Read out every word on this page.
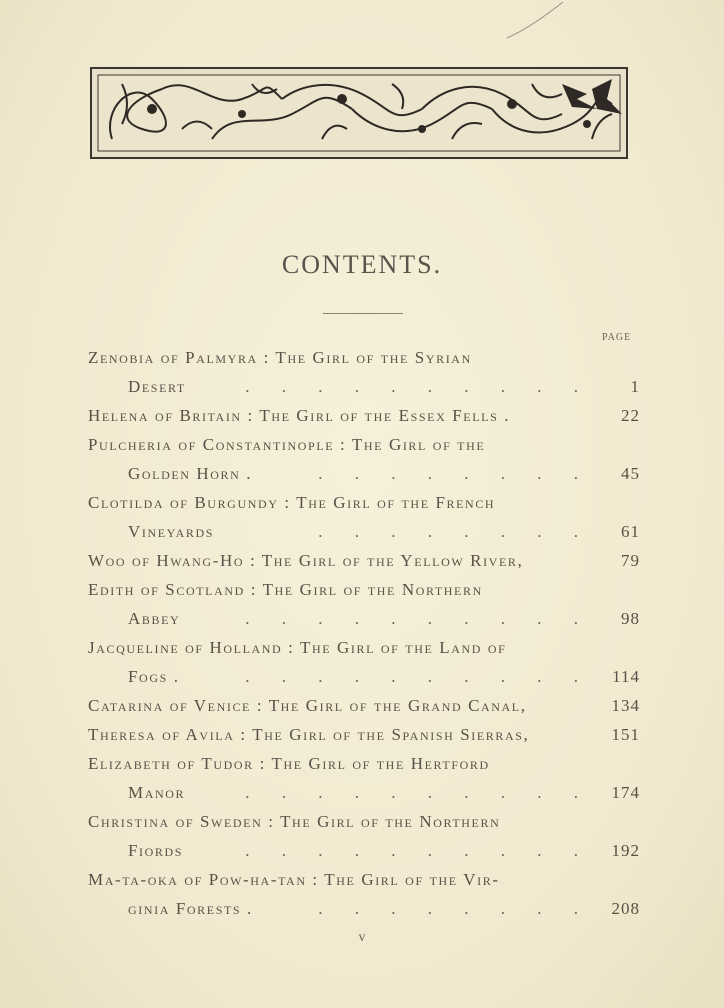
CONTENTS.
PAGE
Zenobia of Palmyra : The Girl of the Syrian
Desert	. . . . . . . . . .	1
Helena of Britain : The Girl of the Essex Fells .	22
Pulcheria of Constantinople : The Girl of the
Golden Horn .	. . . . . . . .	45
Clotilda of Burgundy : The Girl of the French
Vineyards	. . . . . . . .	61
Woo of Hwang-Ho : The Girl of the Yellow River,	79
Edith of Scotland : The Girl of the Northern
Abbey	. . . . . . . . . .	98
Jacqueline of Holland : The Girl of the Land of
Fogs .	. . . . . . . . . .	114
Catarina of Venice : The Girl of the Grand Canal,	134
Theresa of Avila : The Girl of the Spanish Sierras,	151
Elizabeth of Tudor : The Girl of the Hertford
Manor	. . . . . . . . . .	174
Christina of Sweden : The Girl of the Northern
Fiords	. . . . . . . . . .	192
Ma-ta-oka of Pow-ha-tan : The Girl of the Vir-
ginia Forests .	. . . . . . . .	208
v
